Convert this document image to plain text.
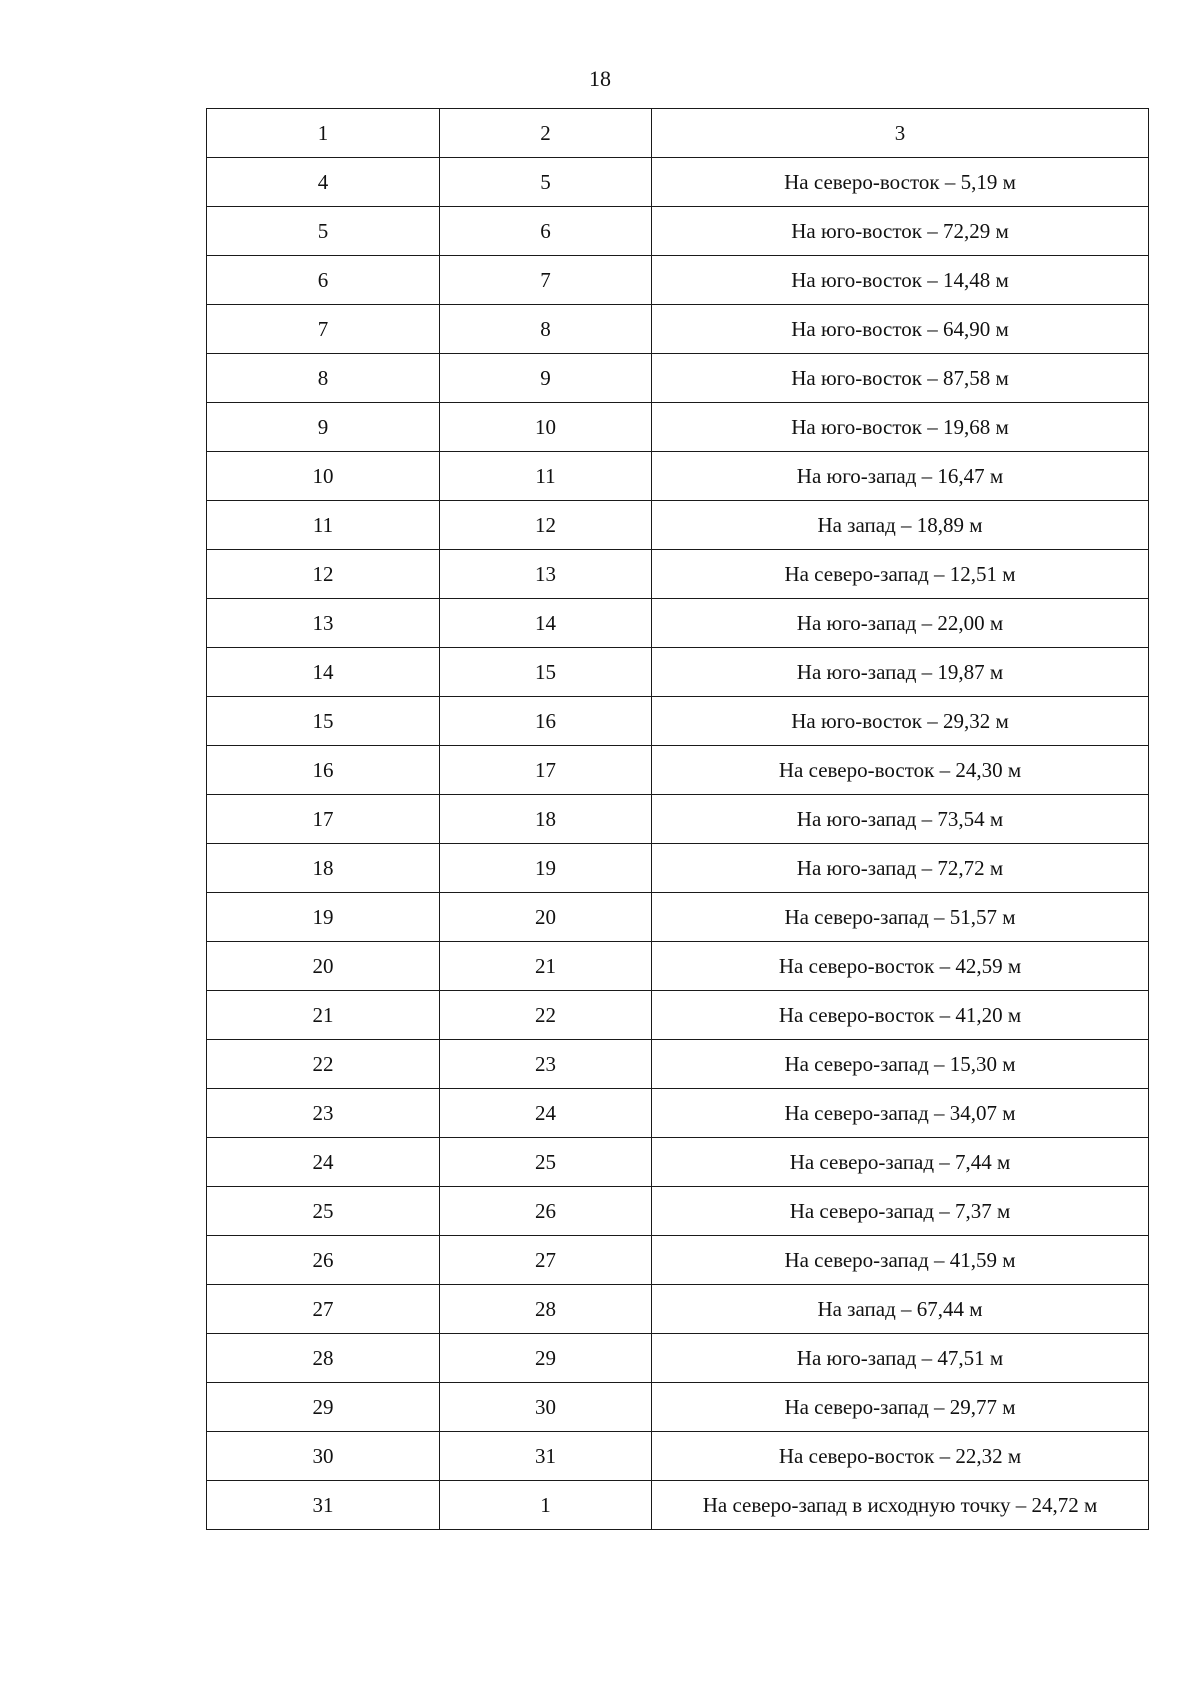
18
1	2	3
4	5	На северо-восток – 5,19 м
5	6	На юго-восток – 72,29 м
6	7	На юго-восток – 14,48 м
7	8	На юго-восток – 64,90 м
8	9	На юго-восток – 87,58 м
9	10	На юго-восток – 19,68 м
10	11	На юго-запад – 16,47 м
11	12	На запад – 18,89 м
12	13	На северо-запад – 12,51 м
13	14	На юго-запад – 22,00 м
14	15	На юго-запад – 19,87 м
15	16	На юго-восток – 29,32 м
16	17	На северо-восток – 24,30 м
17	18	На юго-запад – 73,54 м
18	19	На юго-запад – 72,72 м
19	20	На северо-запад – 51,57 м
20	21	На северо-восток – 42,59 м
21	22	На северо-восток – 41,20 м
22	23	На северо-запад – 15,30 м
23	24	На северо-запад – 34,07 м
24	25	На северо-запад – 7,44 м
25	26	На северо-запад – 7,37 м
26	27	На северо-запад – 41,59 м
27	28	На запад – 67,44 м
28	29	На юго-запад – 47,51 м
29	30	На северо-запад – 29,77 м
30	31	На северо-восток – 22,32 м
31	1	На северо-запад в исходную точку – 24,72 м
